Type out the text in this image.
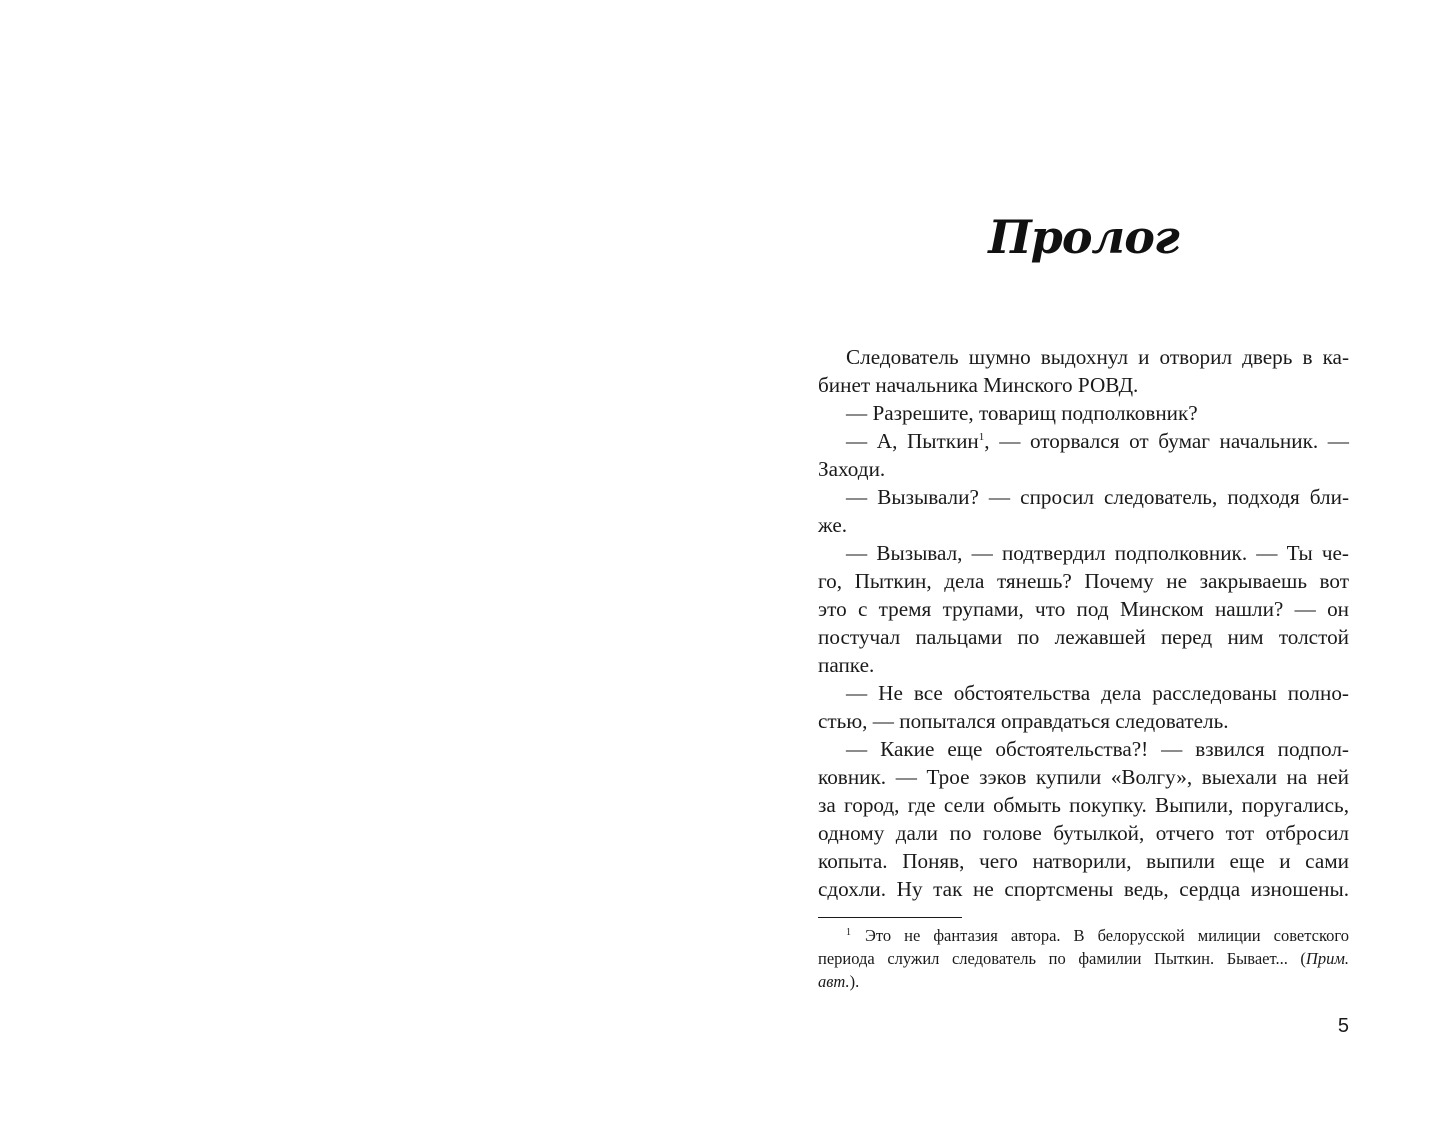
Пролог
Следователь шумно выдохнул и отворил дверь в ка-
бинет начальника Минского РОВД.
— Разрешите, товарищ подполковник?
— А, Пыткин$^1$, — оторвался от бумаг начальник. —
Заходи.
— Вызывали? — спросил следователь, подходя бли-
же.
— Вызывал, — подтвердил подполковник. — Ты че-
го, Пыткин, дела тянешь? Почему не закрываешь вот
это с тремя трупами, что под Минском нашли? — он
постучал пальцами по лежавшей перед ним толстой
папке.
— Не все обстоятельства дела расследованы полно-
стью, — попытался оправдаться следователь.
— Какие еще обстоятельства?! — взвился подпол-
ковник. — Трое зэков купили «Волгу», выехали на ней
за город, где сели обмыть покупку. Выпили, поругались,
одному дали по голове бутылкой, отчего тот отбросил
копыта. Поняв, чего натворили, выпили еще и сами
сдохли. Ну так не спортсмены ведь, сердца изношены.
$^1$ Это не фантазия автора. В белорусской милиции советского
периода служил следователь по фамилии Пыткин. Бывает... (Прим.
авт.).
5
